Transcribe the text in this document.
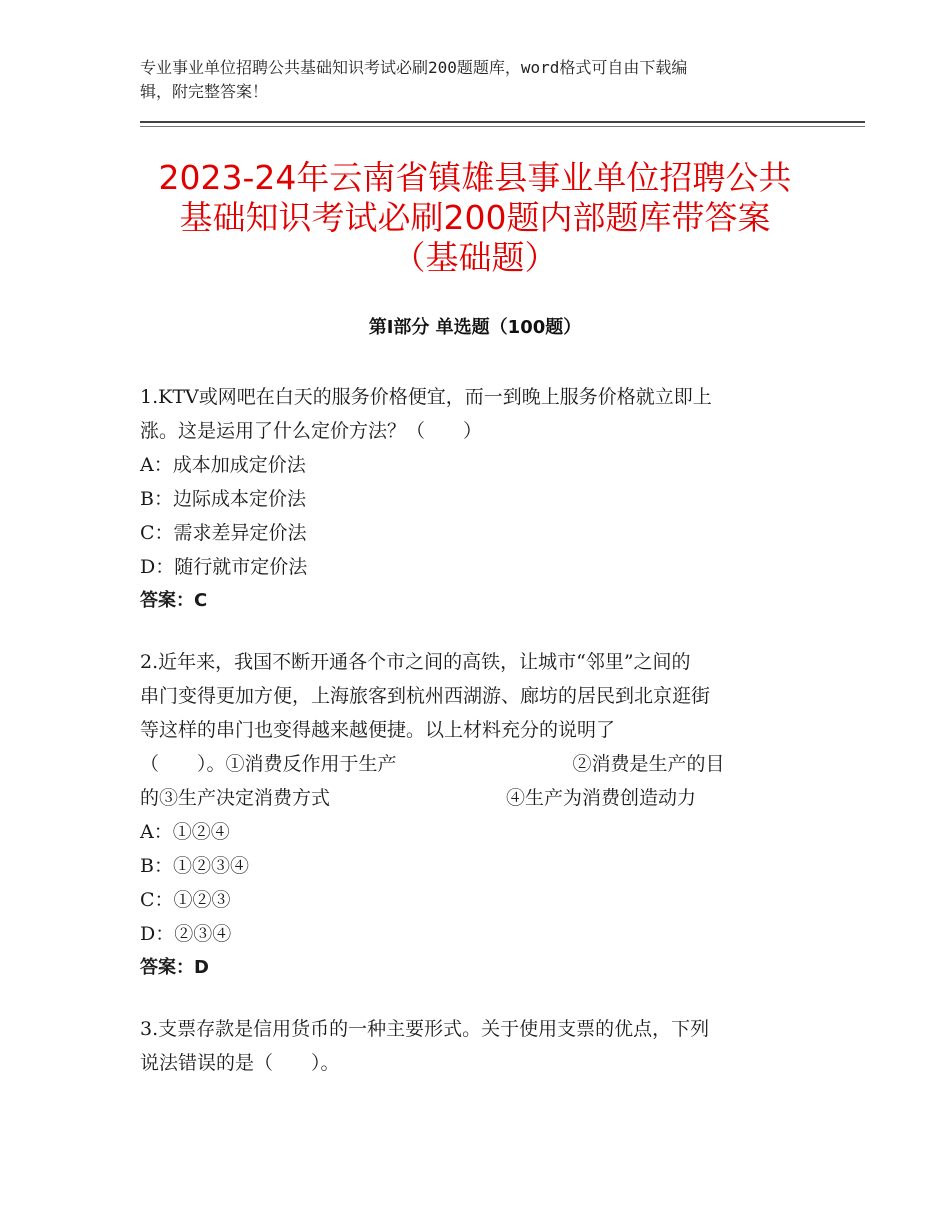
专业事业单位招聘公共基础知识考试必刷200题题库，word格式可自由下载编
辑，附完整答案！
2023-24年云南省镇雄县事业单位招聘公共
基础知识考试必刷200题内部题库带答案
（基础题）
第Ⅰ部分 单选题（100题）

1.KTV或网吧在白天的服务价格便宜，而一到晚上服务价格就立即上
涨。这是运用了什么定价方法？（　　）

A：成本加成定价法

B：边际成本定价法

C：需求差异定价法

D：随行就市定价法

答案：C

2.近年来，我国不断开通各个市之间的高铁，让城市“邻里”之间的
串门变得更加方便，上海旅客到杭州西湖游、廊坊的居民到北京逛街
等这样的串门也变得越来越便捷。以上材料充分的说明了
（　　）。①消费反作用于生产	②消费是生产的目
的③生产决定消费方式	④生产为消费创造动力

A：①②④

B：①②③④

C：①②③

D：②③④

答案：D

3.支票存款是信用货币的一种主要形式。关于使用支票的优点，下列
说法错误的是（　　）。
